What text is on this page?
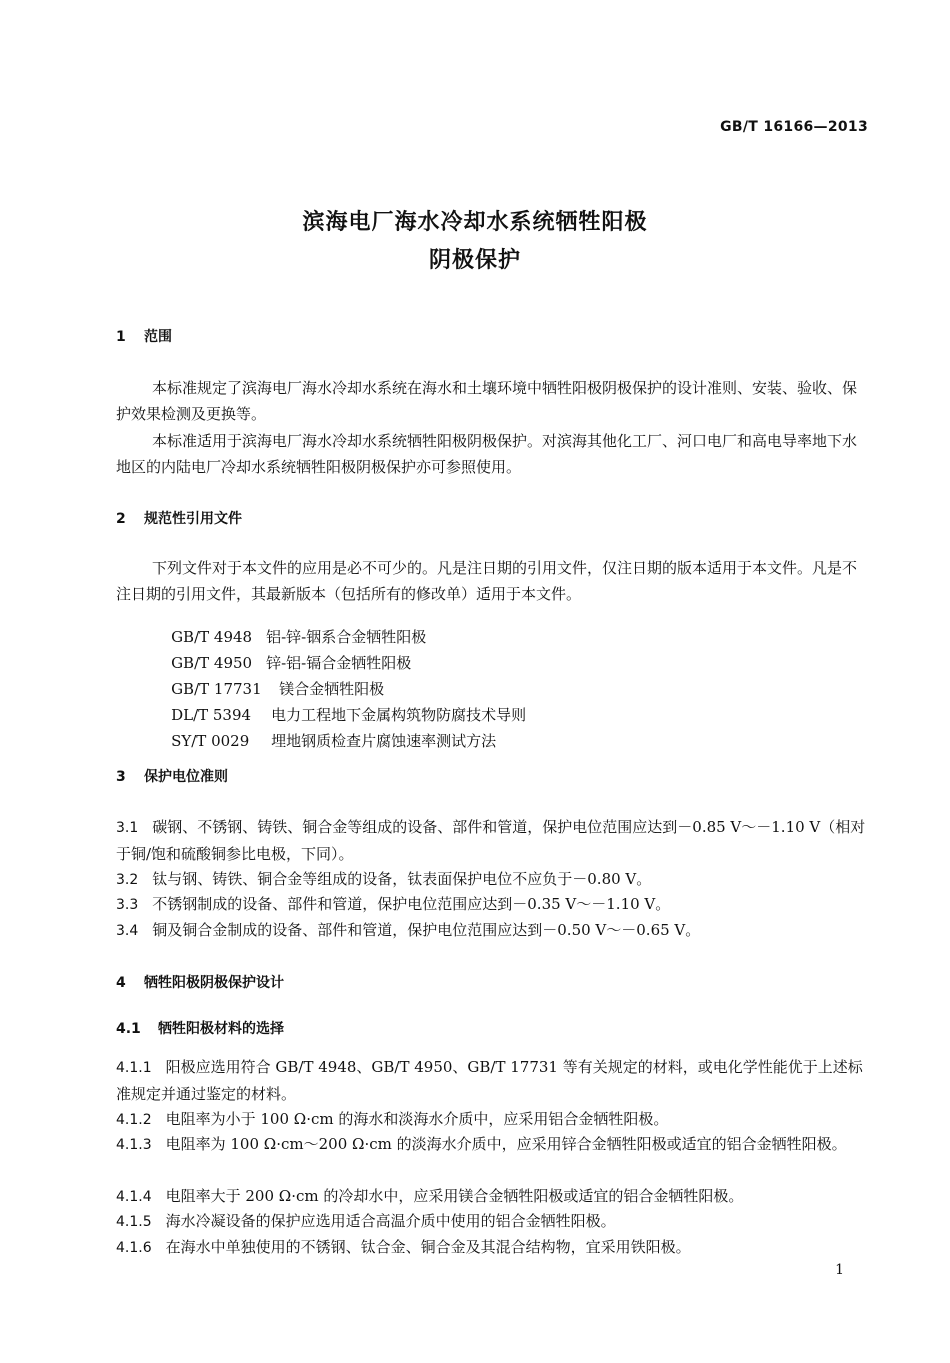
GB/T 16166—2013
滨海电厂海水冷却水系统牺牲阳极
阴极保护
1 范围
本标准规定了滨海电厂海水冷却水系统在海水和土壤环境中牺牲阳极阴极保护的设计准则、安装、验收、保护效果检测及更换等。
本标准适用于滨海电厂海水冷却水系统牺牲阳极阴极保护。对滨海其他化工厂、河口电厂和高电导率地下水地区的内陆电厂冷却水系统牺牲阳极阴极保护亦可参照使用。
2 规范性引用文件
下列文件对于本文件的应用是必不可少的。凡是注日期的引用文件，仅注日期的版本适用于本文件。凡是不注日期的引用文件，其最新版本（包括所有的修改单）适用于本文件。

GB/T 4948 铝-锌-铟系合金牺牲阳极

GB/T 4950 锌-铝-镉合金牺牲阳极

GB/T 17731 镁合金牺牲阳极

DL/T 5394 电力工程地下金属构筑物防腐技术导则

SY/T 0029 埋地钢质检查片腐蚀速率测试方法

3 保护电位准则
3.1 碳钢、不锈钢、铸铁、铜合金等组成的设备、部件和管道，保护电位范围应达到－0.85 V～－1.10 V（相对于铜/饱和硫酸铜参比电极，下同）。
3.2 钛与钢、铸铁、铜合金等组成的设备，钛表面保护电位不应负于－0.80 V。
3.3 不锈钢制成的设备、部件和管道，保护电位范围应达到－0.35 V～－1.10 V。
3.4 铜及铜合金制成的设备、部件和管道，保护电位范围应达到－0.50 V～－0.65 V。
4 牺牲阳极阴极保护设计
4.1 牺牲阳极材料的选择
4.1.1 阳极应选用符合 GB/T 4948、GB/T 4950、GB/T 17731 等有关规定的材料，或电化学性能优于上述标准规定并通过鉴定的材料。
4.1.2 电阻率为小于 100 Ω·cm 的海水和淡海水介质中，应采用铝合金牺牲阳极。
4.1.3 电阻率为 100 Ω·cm～200 Ω·cm 的淡海水介质中，应采用锌合金牺牲阳极或适宜的铝合金牺牲阳极。
4.1.4 电阻率大于 200 Ω·cm 的冷却水中，应采用镁合金牺牲阳极或适宜的铝合金牺牲阳极。
4.1.5 海水冷凝设备的保护应选用适合高温介质中使用的铝合金牺牲阳极。
4.1.6 在海水中单独使用的不锈钢、钛合金、铜合金及其混合结构物，宜采用铁阳极。
1
